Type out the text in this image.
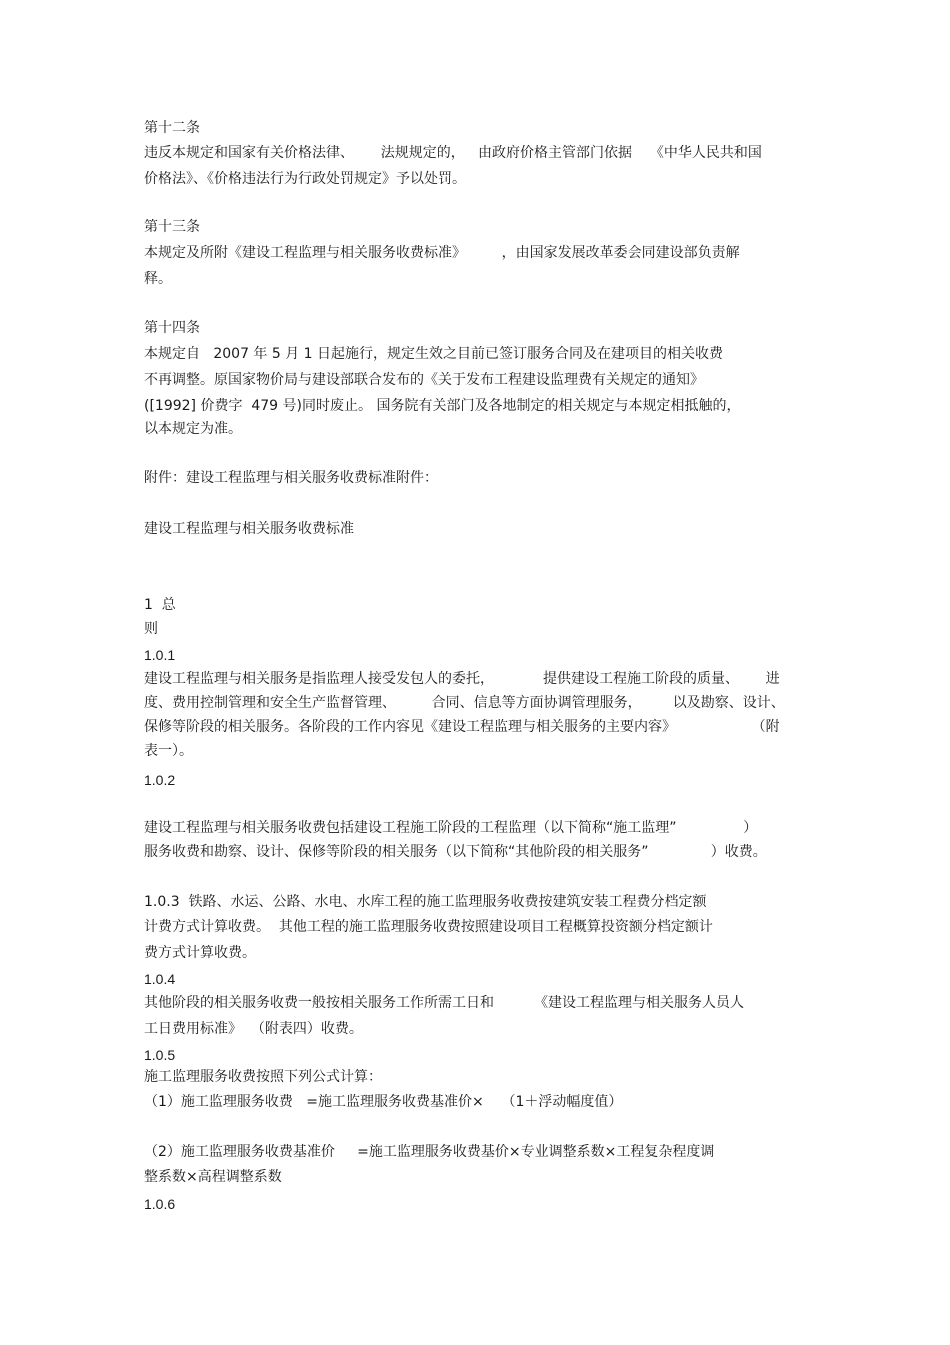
第十二条
违反本规定和国家有关价格法律、      法规规定的，   由政府价格主管部门依据    《中华人民共和国
价格法》、《价格违法行为行政处罚规定》予以处罚。
第十三条
本规定及所附《建设工程监理与相关服务收费标准》        ，由国家发展改革委会同建设部负责解
释。
第十四条
本规定自   2007 年 5 月 1 日起施行，规定生效之目前已签订服务合同及在建项目的相关收费
不再调整。原国家物价局与建设部联合发布的《关于发布工程建设监理费有关规定的通知》
([1992] 价费字  479 号)同时废止。 国务院有关部门及各地制定的相关规定与本规定相抵触的，
以本规定为准。
附件：建设工程监理与相关服务收费标准附件：
建设工程监理与相关服务收费标准
1  总
则
1.0.1
建设工程监理与相关服务是指监理人接受发包人的委托，           提供建设工程施工阶段的质量、      进
度、费用控制管理和安全生产监督管理、        合同、信息等方面协调管理服务，       以及勘察、设计、
保修等阶段的相关服务。各阶段的工作内容见《建设工程监理与相关服务的主要内容》                 （附
表一）。
1.0.2
建设工程监理与相关服务收费包括建设工程施工阶段的工程监理（以下简称“施工监理”               ）
服务收费和勘察、设计、保修等阶段的相关服务（以下简称“其他阶段的相关服务”              ）收费。
1.0.3  铁路、水运、公路、水电、水库工程的施工监理服务收费按建筑安装工程费分档定额
计费方式计算收费。  其他工程的施工监理服务收费按照建设项目工程概算投资额分档定额计
费方式计算收费。
1.0.4
其他阶段的相关服务收费一般按相关服务工作所需工日和         《建设工程监理与相关服务人员人
工日费用标准》  （附表四）收费。
1.0.5
施工监理服务收费按照下列公式计算：
（1）施工监理服务收费   =施工监理服务收费基准价×    （1＋浮动幅度值）
（2）施工监理服务收费基准价     =施工监理服务收费基价×专业调整系数×工程复杂程度调
整系数×高程调整系数
1.0.6
